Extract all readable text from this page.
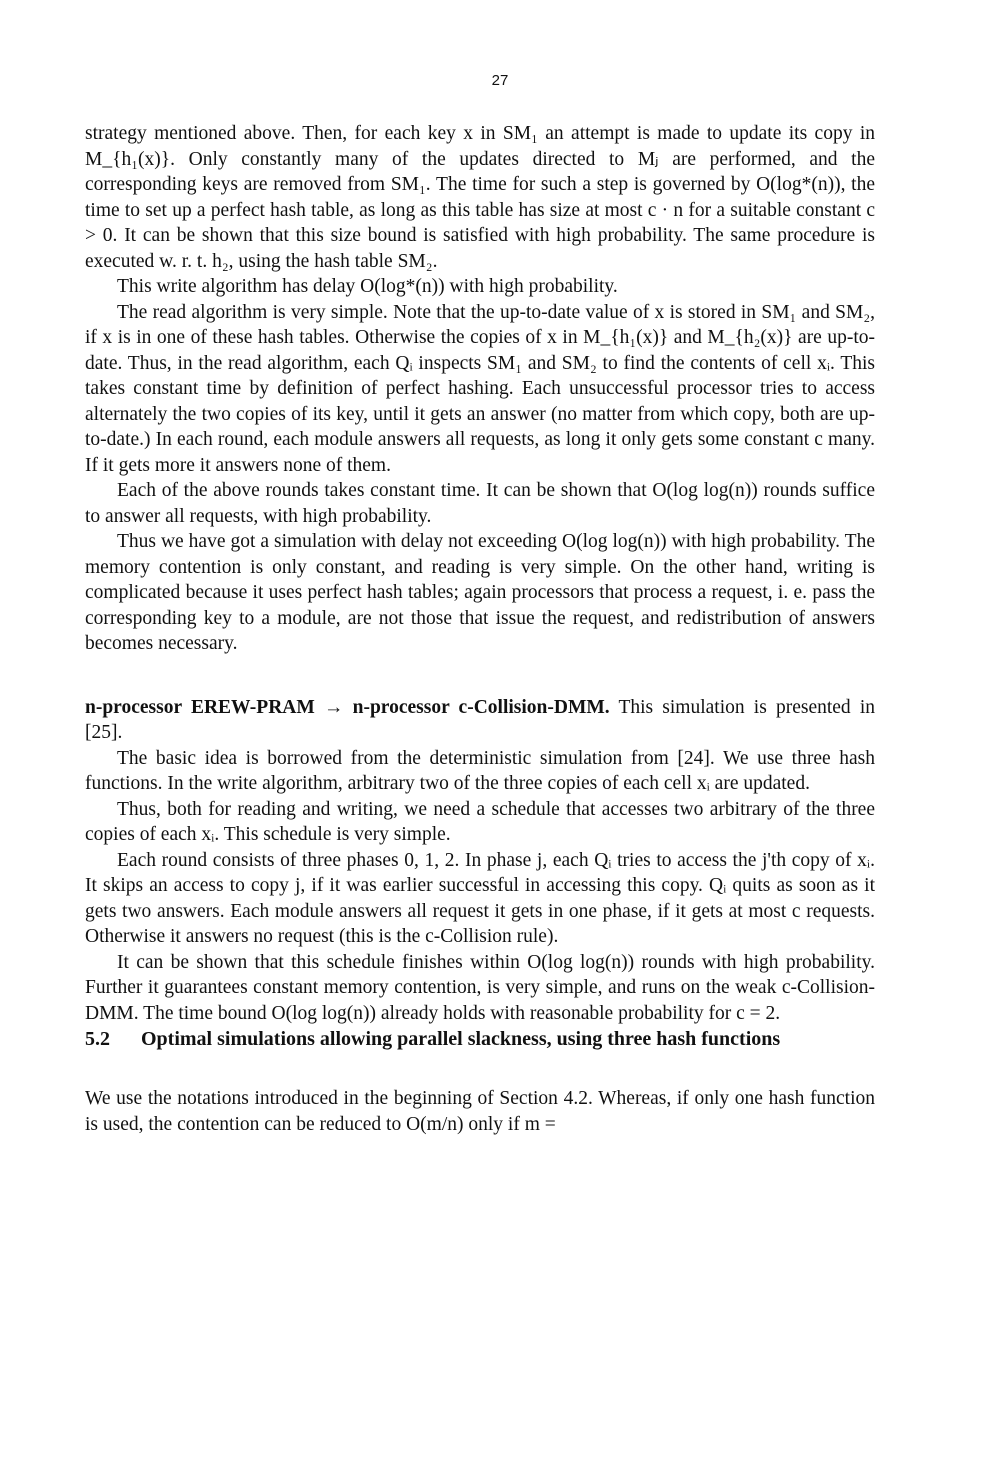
27

strategy mentioned above. Then, for each key x in SM₁ an attempt is made to update its copy in M_{h₁(x)}. Only constantly many of the updates directed to Mⱼ are performed, and the corresponding keys are removed from SM₁. The time for such a step is governed by O(log*(n)), the time to set up a perfect hash table, as long as this table has size at most c · n for a suitable constant c > 0. It can be shown that this size bound is satisfied with high probability. The same procedure is executed w. r. t. h₂, using the hash table SM₂.

This write algorithm has delay O(log*(n)) with high probability.

The read algorithm is very simple. Note that the up-to-date value of x is stored in SM₁ and SM₂, if x is in one of these hash tables. Otherwise the copies of x in M_{h₁(x)} and M_{h₂(x)} are up-to-date. Thus, in the read algorithm, each Qᵢ inspects SM₁ and SM₂ to find the contents of cell xᵢ. This takes constant time by definition of perfect hashing. Each unsuccessful processor tries to access alternately the two copies of its key, until it gets an answer (no matter from which copy, both are up-to-date.) In each round, each module answers all requests, as long it only gets some constant c many. If it gets more it answers none of them.

Each of the above rounds takes constant time. It can be shown that O(log log(n)) rounds suffice to answer all requests, with high probability.

Thus we have got a simulation with delay not exceeding O(log log(n)) with high probability. The memory contention is only constant, and reading is very simple. On the other hand, writing is complicated because it uses perfect hash tables; again processors that process a request, i. e. pass the corresponding key to a module, are not those that issue the request, and redistribution of answers becomes necessary.

n-processor EREW-PRAM → n-processor c-Collision-DMM. This simulation is presented in [25].

The basic idea is borrowed from the deterministic simulation from [24]. We use three hash functions. In the write algorithm, arbitrary two of the three copies of each cell xᵢ are updated.

Thus, both for reading and writing, we need a schedule that accesses two arbitrary of the three copies of each xᵢ. This schedule is very simple.

Each round consists of three phases 0, 1, 2. In phase j, each Qᵢ tries to access the j'th copy of xᵢ. It skips an access to copy j, if it was earlier successful in accessing this copy. Qᵢ quits as soon as it gets two answers. Each module answers all request it gets in one phase, if it gets at most c requests. Otherwise it answers no request (this is the c-Collision rule).

It can be shown that this schedule finishes within O(log log(n)) rounds with high probability. Further it guarantees constant memory contention, is very simple, and runs on the weak c-Collision-DMM. The time bound O(log log(n)) already holds with reasonable probability for c = 2.

5.2 Optimal simulations allowing parallel slackness, using three hash functions

We use the notations introduced in the beginning of Section 4.2. Whereas, if only one hash function is used, the contention can be reduced to O(m/n) only if m =
